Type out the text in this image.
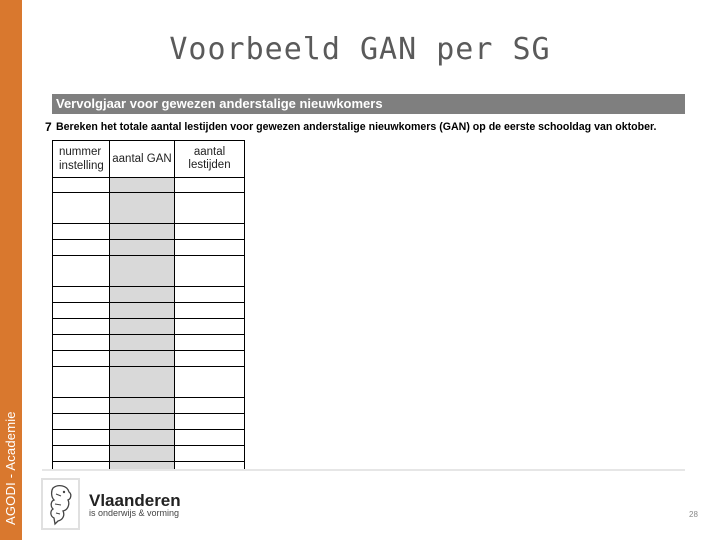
AGODI - Academie
Voorbeeld GAN per SG
Vervolgjaar voor gewezen anderstalige nieuwkomers
7 Bereken het totale aantal lestijden voor gewezen anderstalige nieuwkomers (GAN) op de eerste schooldag van oktober.
nummer instelling	aantal GAN	aantal lestijden

Vlaanderen
is onderwijs & vorming	28
